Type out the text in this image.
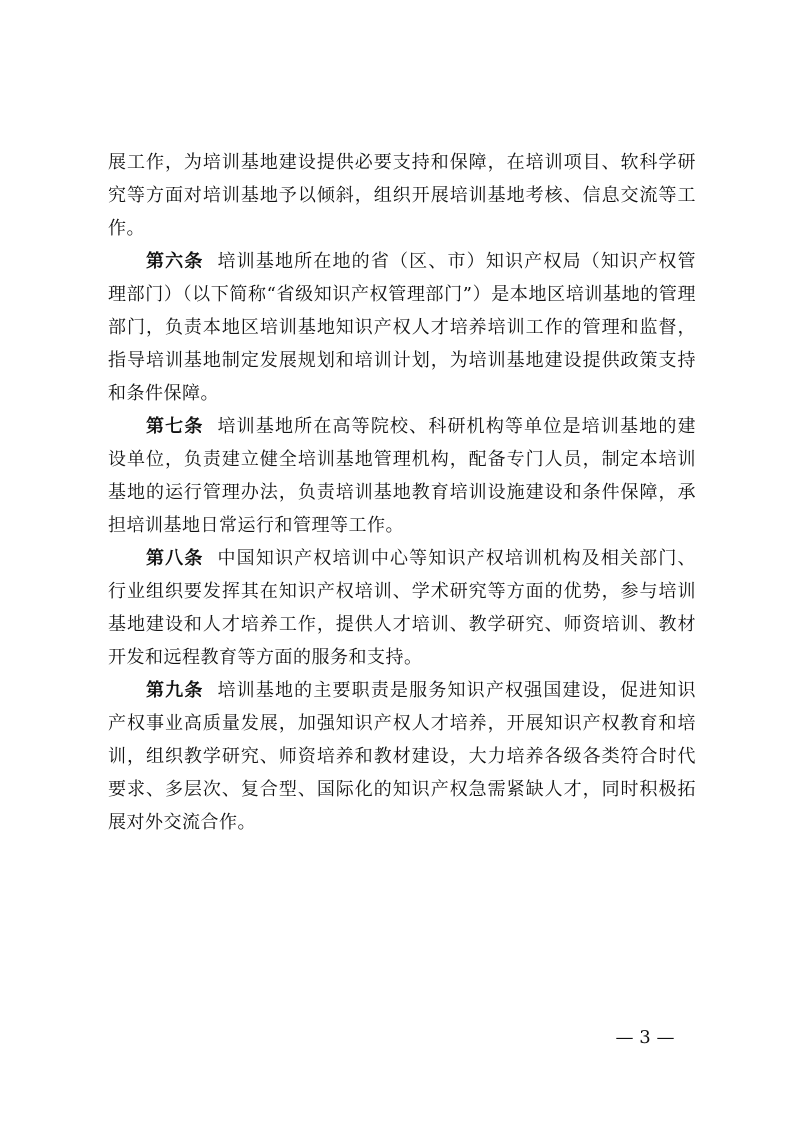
展工作，为培训基地建设提供必要支持和保障，在培训项目、软科学研究等方面对培训基地予以倾斜，组织开展培训基地考核、信息交流等工作。

第六条 培训基地所在地的省（区、市）知识产权局（知识产权管理部门）（以下简称“省级知识产权管理部门”）是本地区培训基地的管理部门，负责本地区培训基地知识产权人才培养培训工作的管理和监督，指导培训基地制定发展规划和培训计划，为培训基地建设提供政策支持和条件保障。

第七条 培训基地所在高等院校、科研机构等单位是培训基地的建设单位，负责建立健全培训基地管理机构，配备专门人员，制定本培训基地的运行管理办法，负责培训基地教育培训设施建设和条件保障，承担培训基地日常运行和管理等工作。

第八条 中国知识产权培训中心等知识产权培训机构及相关部门、行业组织要发挥其在知识产权培训、学术研究等方面的优势，参与培训基地建设和人才培养工作，提供人才培训、教学研究、师资培训、教材开发和远程教育等方面的服务和支持。

第九条 培训基地的主要职责是服务知识产权强国建设，促进知识产权事业高质量发展，加强知识产权人才培养，开展知识产权教育和培训，组织教学研究、师资培养和教材建设，大力培养各级各类符合时代要求、多层次、复合型、国际化的知识产权急需紧缺人才，同时积极拓展对外交流合作。

— 3 —
